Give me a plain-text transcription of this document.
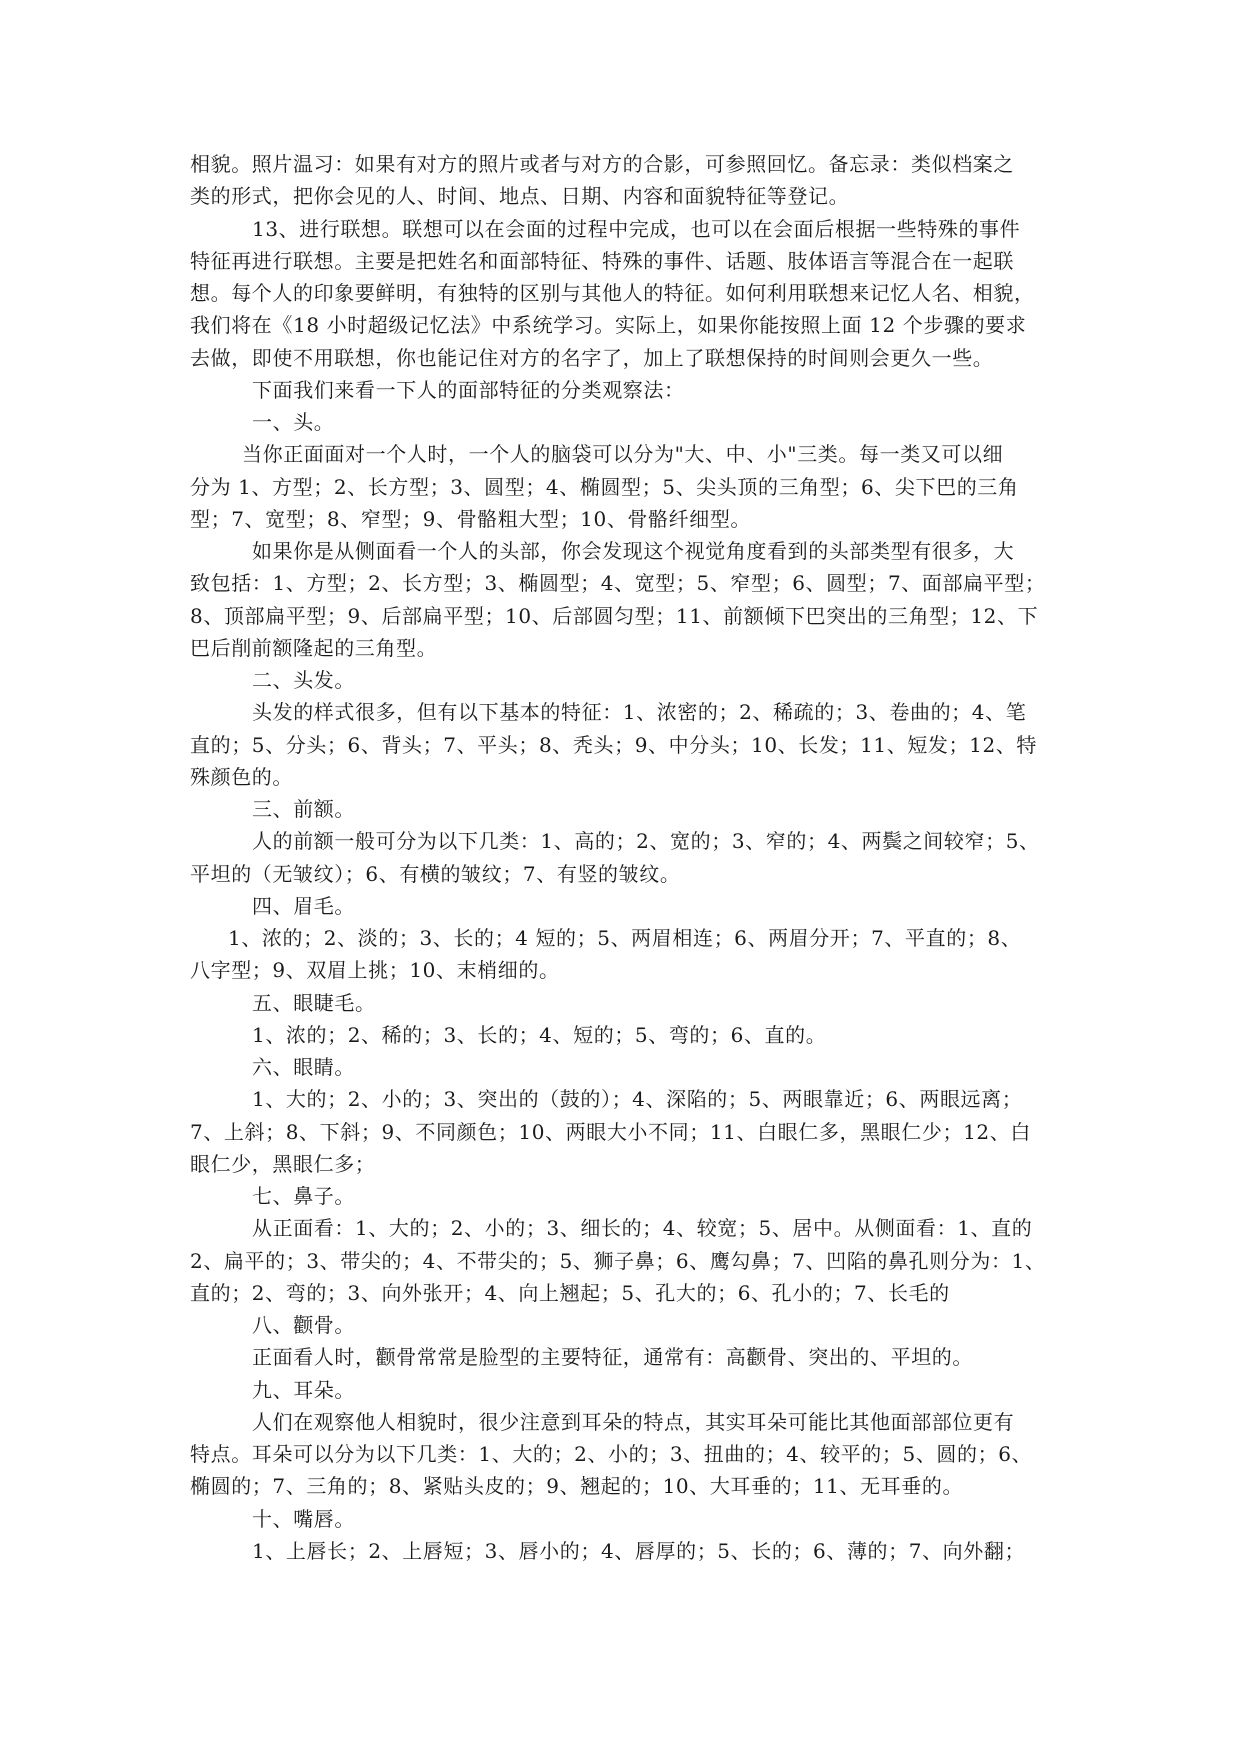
相貌。照片温习：如果有对方的照片或者与对方的合影，可参照回忆。备忘录：类似档案之
类的形式，把你会见的人、时间、地点、日期、内容和面貌特征等登记。
13、进行联想。联想可以在会面的过程中完成，也可以在会面后根据一些特殊的事件
特征再进行联想。主要是把姓名和面部特征、特殊的事件、话题、肢体语言等混合在一起联
想。每个人的印象要鲜明，有独特的区别与其他人的特征。如何利用联想来记忆人名、相貌，
我们将在《18 小时超级记忆法》中系统学习。实际上，如果你能按照上面 12 个步骤的要求
去做，即使不用联想，你也能记住对方的名字了，加上了联想保持的时间则会更久一些。
下面我们来看一下人的面部特征的分类观察法：
一、头。
当你正面面对一个人时，一个人的脑袋可以分为"大、中、小"三类。每一类又可以细
分为 1、方型；2、长方型；3、圆型；4、椭圆型；5、尖头顶的三角型；6、尖下巴的三角
型；7、宽型；8、窄型；9、骨骼粗大型；10、骨骼纤细型。
如果你是从侧面看一个人的头部，你会发现这个视觉角度看到的头部类型有很多，大
致包括：1、方型；2、长方型；3、椭圆型；4、宽型；5、窄型；6、圆型；7、面部扁平型；
8、顶部扁平型；9、后部扁平型；10、后部圆匀型；11、前额倾下巴突出的三角型；12、下
巴后削前额隆起的三角型。
二、头发。
头发的样式很多，但有以下基本的特征：1、浓密的；2、稀疏的；3、卷曲的；4、笔
直的；5、分头；6、背头；7、平头；8、秃头；9、中分头；10、长发；11、短发；12、特
殊颜色的。
三、前额。
人的前额一般可分为以下几类：1、高的；2、宽的；3、窄的；4、两鬓之间较窄；5、
平坦的（无皱纹）；6、有横的皱纹；7、有竖的皱纹。
四、眉毛。
1、浓的；2、淡的；3、长的；4 短的；5、两眉相连；6、两眉分开；7、平直的；8、
八字型；9、双眉上挑；10、末梢细的。
五、眼睫毛。
1、浓的；2、稀的；3、长的；4、短的；5、弯的；6、直的。
六、眼睛。
1、大的；2、小的；3、突出的（鼓的）；4、深陷的；5、两眼靠近；6、两眼远离；
7、上斜；8、下斜；9、不同颜色；10、两眼大小不同；11、白眼仁多，黑眼仁少；12、白
眼仁少，黑眼仁多；
七、鼻子。
从正面看：1、大的；2、小的；3、细长的；4、较宽；5、居中。从侧面看：1、直的
2、扁平的；3、带尖的；4、不带尖的；5、狮子鼻；6、鹰勾鼻；7、凹陷的鼻孔则分为：1、
直的；2、弯的；3、向外张开；4、向上翘起；5、孔大的；6、孔小的；7、长毛的
八、颧骨。
正面看人时，颧骨常常是脸型的主要特征，通常有：高颧骨、突出的、平坦的。
九、耳朵。
人们在观察他人相貌时，很少注意到耳朵的特点，其实耳朵可能比其他面部部位更有
特点。耳朵可以分为以下几类：1、大的；2、小的；3、扭曲的；4、较平的；5、圆的；6、
椭圆的；7、三角的；8、紧贴头皮的；9、翘起的；10、大耳垂的；11、无耳垂的。
十、嘴唇。
1、上唇长；2、上唇短；3、唇小的；4、唇厚的；5、长的；6、薄的；7、向外翻；
